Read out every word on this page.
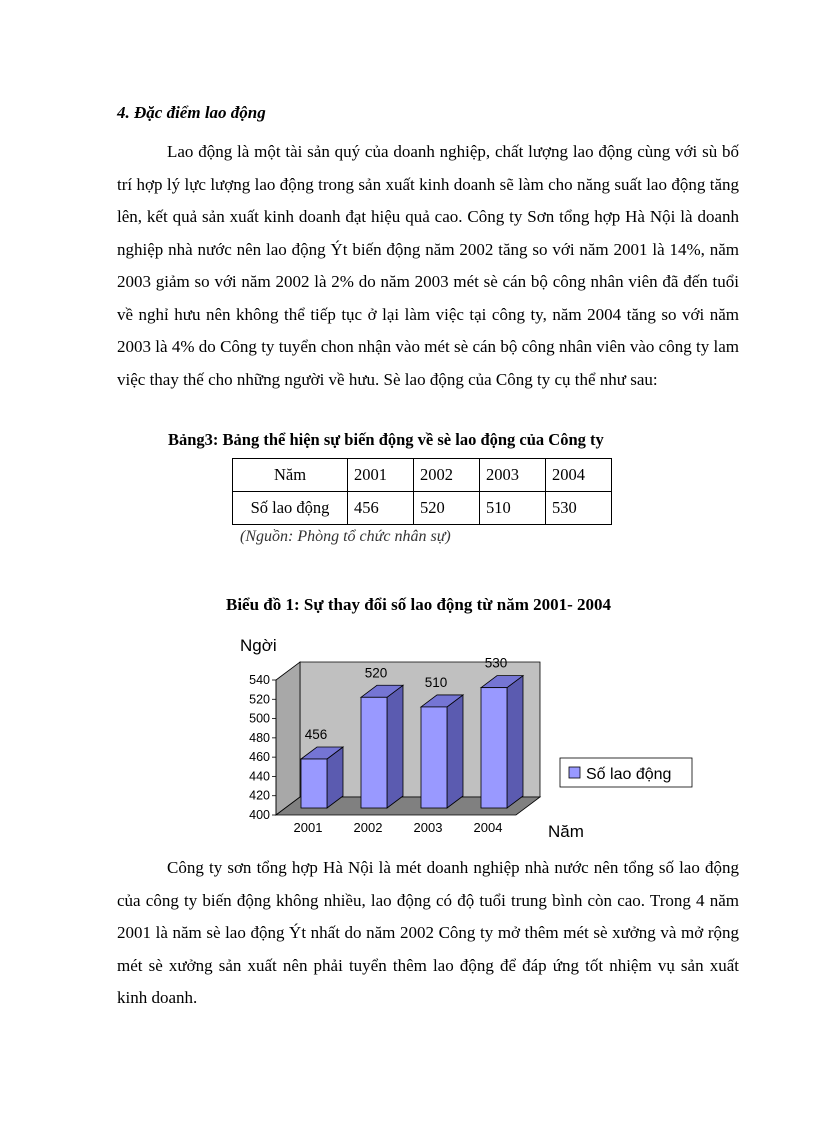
4. Đặc điểm lao động

Lao động là một tài sản quý của doanh nghiệp, chất lượng lao động cùng với sù bố trí hợp lý lực lượng lao động trong sản xuất kinh doanh sẽ làm cho năng suất lao động tăng lên, kết quả sản xuất kinh doanh đạt hiệu quả cao. Công ty Sơn tổng hợp Hà Nội là doanh nghiệp nhà nước nên lao động Ýt biến động năm 2002 tăng so với năm 2001 là 14%, năm 2003 giảm so với năm 2002 là 2% do năm 2003 mét sè cán bộ công nhân viên đã đến tuổi về nghỉ hưu nên không thể tiếp tục ở lại làm việc tại công ty, năm 2004 tăng so với năm 2003 là 4% do Công ty tuyển chon nhận vào mét sè cán bộ công nhân viên vào công ty lam việc thay thế cho những người về hưu. Sè lao động của Công ty cụ thể như sau:

Bảng3: Bảng thể hiện sự biến động về sè lao động của Công ty
Năm	2001	2002	2003	2004
Số lao động	456	520	510	530
(Nguồn: Phòng tổ chức nhân sự)
Biểu đồ 1: Sự thay đổi số lao động từ năm 2001- 2004
Ngời
Năm
400
420
440
460
480
500
520
540
456
2001
520
2002
510
2003
530
2004
Số lao động

Công ty sơn tổng hợp Hà Nội là mét doanh nghiệp nhà nước nên tổng số lao động của công ty biến động không nhiều, lao động có độ tuổi trung bình còn cao. Trong 4 năm 2001 là năm sè lao động Ýt nhất do năm 2002 Công ty mở thêm mét sè xưởng và mở rộng mét sè xưởng sản xuất nên phải tuyển thêm lao động để đáp ứng tốt nhiệm vụ sản xuất kinh doanh.
